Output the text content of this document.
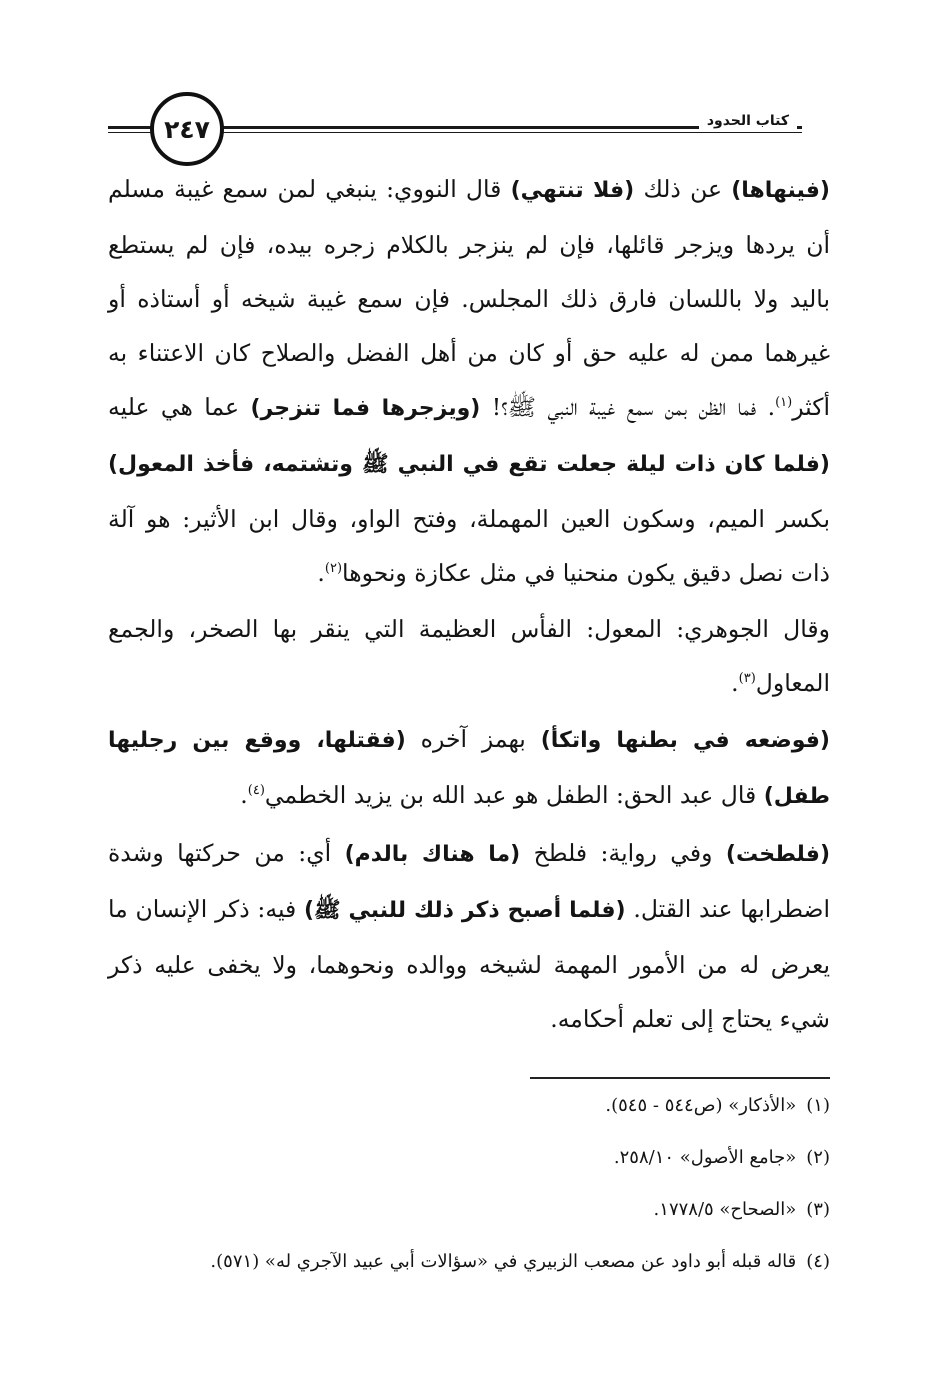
٢٤٧	كتاب الحدود

(فينهاها) عن ذلك (فلا تنتهي) قال النووي: ينبغي لمن سمع غيبة مسلم أن يردها ويزجر قائلها، فإن لم ينزجر بالكلام زجره بيده، فإن لم يستطع باليد ولا باللسان فارق ذلك المجلس. فإن سمع غيبة شيخه أو أستاذه أو غيرهما ممن له عليه حق أو كان من أهل الفضل والصلاح كان الاعتناء به أكثر$^{(١)}$. فما الظن بمن سمع غيبة النبي ﷺ؟! (ويزجرها فما تنزجر) عما هي عليه (فلما كان ذات ليلة جعلت تقع في النبي ﷺ وتشتمه، فأخذ المعول) بكسر الميم، وسكون العين المهملة، وفتح الواو، وقال ابن الأثير: هو آلة ذات نصل دقيق يكون منحنيا في مثل عكازة ونحوها$^{(٢)}$.

وقال الجوهري: المعول: الفأس العظيمة التي ينقر بها الصخر، والجمع المعاول$^{(٣)}$.

(فوضعه في بطنها واتكأ) بهمز آخره (فقتلها، ووقع بين رجليها طفل) قال عبد الحق: الطفل هو عبد الله بن يزيد الخطمي$^{(٤)}$.

(فلطخت) وفي رواية: فلطخ (ما هناك بالدم) أي: من حركتها وشدة اضطرابها عند القتل. (فلما أصبح ذكر ذلك للنبي ﷺ) فيه: ذكر الإنسان ما يعرض له من الأمور المهمة لشيخه ووالده ونحوهما، ولا يخفى عليه ذكر شيء يحتاج إلى تعلم أحكامه.

(١)«الأذكار» (ص٥٤٤ - ٥٤٥).
(٢)«جامع الأصول» ٢٥٨/١٠.
(٣)«الصحاح» ١٧٧٨/٥.
(٤)قاله قبله أبو داود عن مصعب الزبيري في «سؤالات أبي عبيد الآجري له» (٥٧١).
